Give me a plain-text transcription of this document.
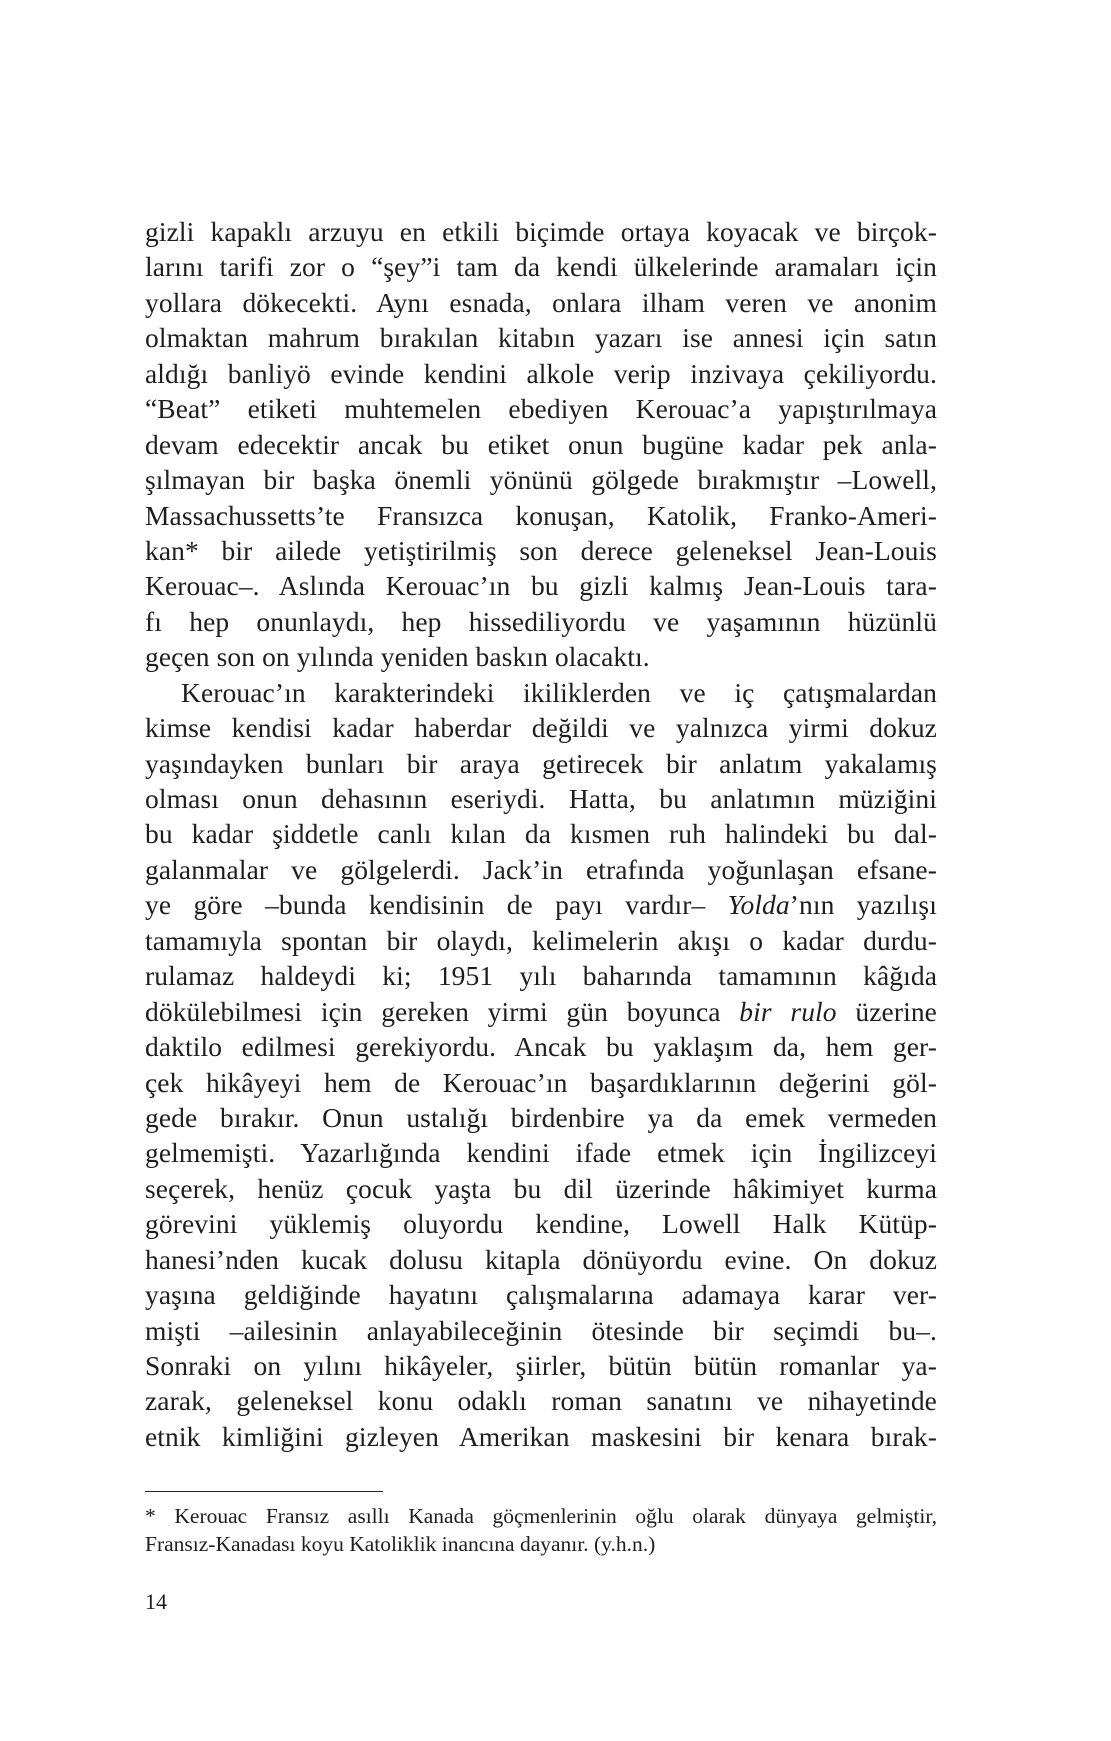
gizli kapaklı arzuyu en etkili biçimde ortaya koyacak ve birçok-
larını tarifi zor o “şey”i tam da kendi ülkelerinde aramaları için
yollara dökecekti. Aynı esnada, onlara ilham veren ve anonim
olmaktan mahrum bırakılan kitabın yazarı ise annesi için satın
aldığı banliyö evinde kendini alkole verip inzivaya çekiliyordu.
“Beat” etiketi muhtemelen ebediyen Kerouac’a yapıştırılmaya
devam edecektir ancak bu etiket onun bugüne kadar pek anla-
şılmayan bir başka önemli yönünü gölgede bırakmıştır –Lowell,
Massachussetts’te Fransızca konuşan, Katolik, Franko-Ameri-
kan* bir ailede yetiştirilmiş son derece geleneksel Jean-Louis
Kerouac–. Aslında Kerouac’ın bu gizli kalmış Jean-Louis tara-
fı hep onunlaydı, hep hissediliyordu ve yaşamının hüzünlü
geçen son on yılında yeniden baskın olacaktı.
Kerouac’ın karakterindeki ikiliklerden ve iç çatışmalardan
kimse kendisi kadar haberdar değildi ve yalnızca yirmi dokuz
yaşındayken bunları bir araya getirecek bir anlatım yakalamış
olması onun dehasının eseriydi. Hatta, bu anlatımın müziğini
bu kadar şiddetle canlı kılan da kısmen ruh halindeki bu dal-
galanmalar ve gölgelerdi. Jack’in etrafında yoğunlaşan efsane-
ye göre –bunda kendisinin de payı vardır– Yolda’nın yazılışı
tamamıyla spontan bir olaydı, kelimelerin akışı o kadar durdu-
rulamaz haldeydi ki; 1951 yılı baharında tamamının kâğıda
dökülebilmesi için gereken yirmi gün boyunca bir rulo üzerine
daktilo edilmesi gerekiyordu. Ancak bu yaklaşım da, hem ger-
çek hikâyeyi hem de Kerouac’ın başardıklarının değerini göl-
gede bırakır. Onun ustalığı birdenbire ya da emek vermeden
gelmemişti. Yazarlığında kendini ifade etmek için İngilizceyi
seçerek, henüz çocuk yaşta bu dil üzerinde hâkimiyet kurma
görevini yüklemiş oluyordu kendine, Lowell Halk Kütüp-
hanesi’nden kucak dolusu kitapla dönüyordu evine. On dokuz
yaşına geldiğinde hayatını çalışmalarına adamaya karar ver-
mişti –ailesinin anlayabileceğinin ötesinde bir seçimdi bu–.
Sonraki on yılını hikâyeler, şiirler, bütün bütün romanlar ya-
zarak, geleneksel konu odaklı roman sanatını ve nihayetinde
etnik kimliğini gizleyen Amerikan maskesini bir kenara bırak-
* Kerouac Fransız asıllı Kanada göçmenlerinin oğlu olarak dünyaya gelmiştir,
Fransız-Kanadası koyu Katoliklik inancına dayanır. (y.h.n.)
14
